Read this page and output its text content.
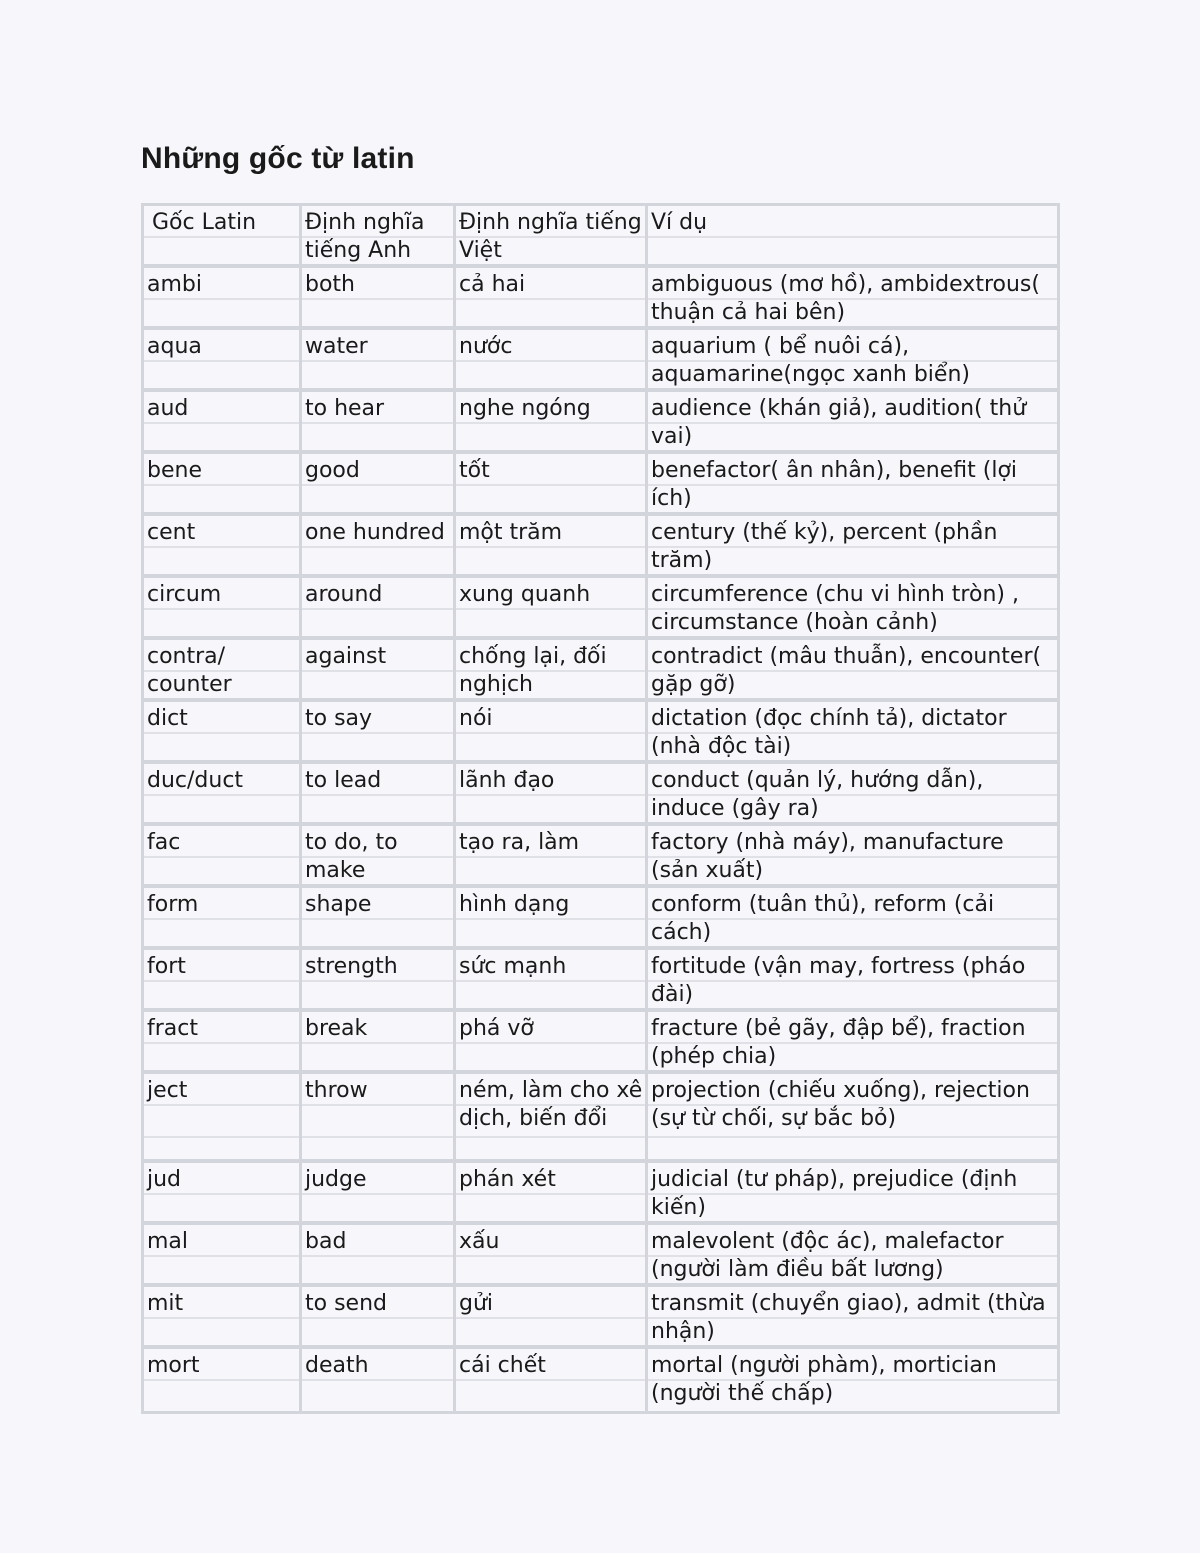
Những gốc từ latin
Gốc Latin	Định nghĩa tiếng Anh	Định nghĩa tiếng Việt	Ví dụ

ambi	both	cả hai	ambiguous (mơ hồ), ambidextrous( thuận cả hai bên)

aqua	water	nước	aquarium ( bể nuôi cá), aquamarine(ngọc xanh biển)

aud	to hear	nghe ngóng	audience (khán giả), audition( thử vai)

bene	good	tốt	benefactor( ân nhân), benefit (lợi ích)

cent	one hundred	một trăm	century (thế kỷ), percent (phần trăm)

circum	around	xung quanh	circumference (chu vi hình tròn) , circumstance (hoàn cảnh)

contra/ counter	against	chống lại, đối nghịch	contradict (mâu thuẫn), encounter( gặp gỡ)

dict	to say	nói	dictation (đọc chính tả), dictator (nhà độc tài)

duc/duct	to lead	lãnh đạo	conduct (quản lý, hướng dẫn), induce (gây ra)

fac	to do, to make	tạo ra, làm	factory (nhà máy), manufacture (sản xuất)

form	shape	hình dạng	conform (tuân thủ), reform (cải cách)

fort	strength	sức mạnh	fortitude (vận may, fortress (pháo đài)

fract	break	phá vỡ	fracture (bẻ gãy, đập bể), fraction (phép chia)

ject	throw	ném, làm cho xê dịch, biến đổi	projection (chiếu xuống), rejection (sự từ chối, sự bắc bỏ)

jud	judge	phán xét	judicial (tư pháp), prejudice (định kiến)

mal	bad	xấu	malevolent (độc ác), malefactor (người làm điều bất lương)

mit	to send	gửi	transmit (chuyển giao), admit (thừa nhận)

mort	death	cái chết	mortal (người phàm), mortician (người thế chấp)
